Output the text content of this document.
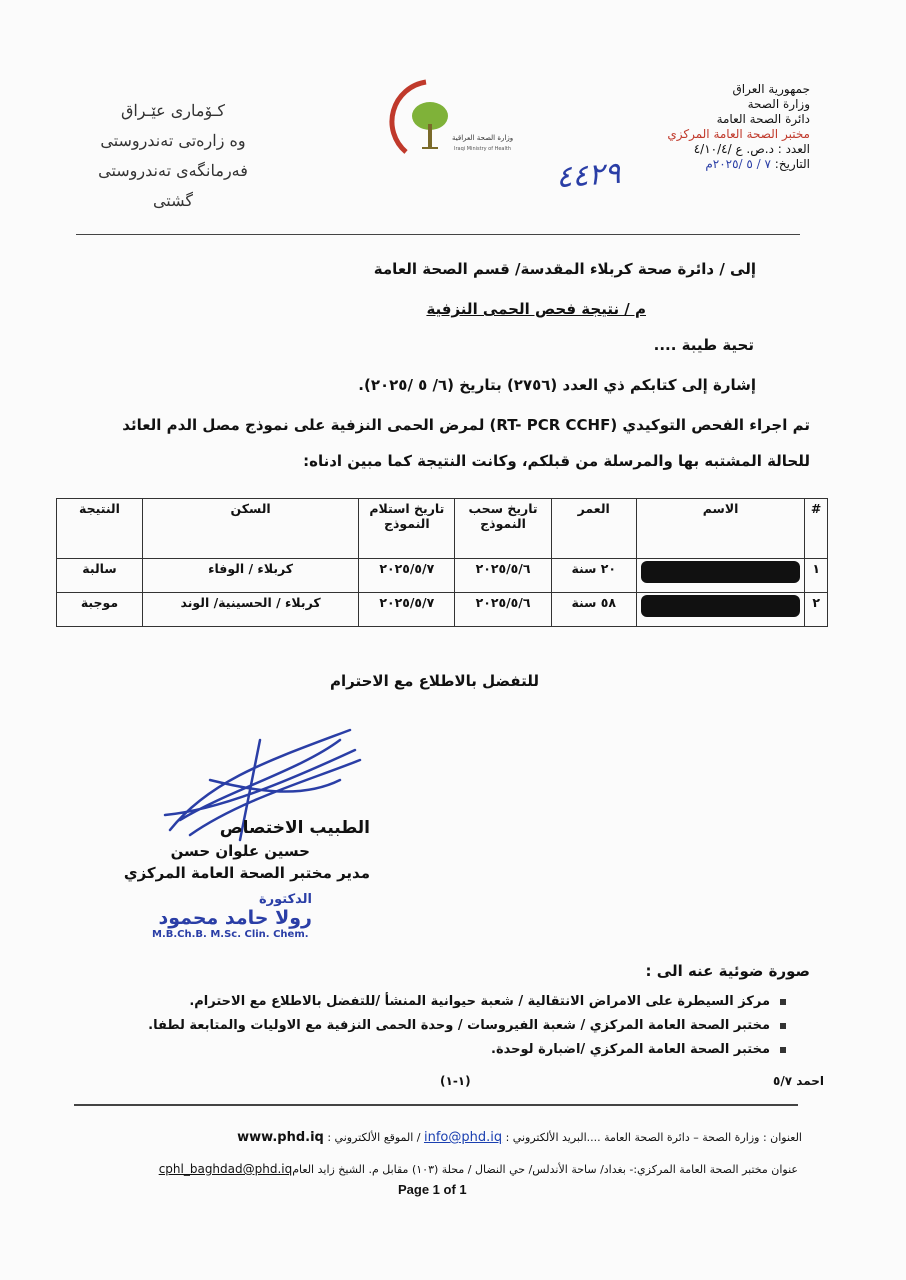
جمهورية العراق
وزارة الصحة
دائرة الصحة العامة
مختبر الصحة العامة المركزي
العدد : د.ص. ع /٤/١٠/٤
التاريخ: ٧ / ٥ /٢٠٢٥م
وزارة الصحة العراقية
Iraqi Ministry of Health
كـۆمارى عێـراق
وه زارەتى تەندروستى
فەرمانگەى تەندروستى گشتى
٤٤٢٩
إلى / دائرة صحة كربلاء المقدسة/ قسم الصحة العامة
م / نتيجة فحص الحمى النزفية
تحية طيبة ....
إشارة إلى كتابكم ذي العدد (٢٧٥٦) بتاريخ (٦/ ٥ /٢٠٢٥).
تم اجراء الفحص التوكيدي (RT- PCR CCHF) لمرض الحمى النزفية على نموذج مصل الدم العائد
للحالة المشتبه بها والمرسلة من قبلكم، وكانت النتيجة كما مبين ادناه:
#	الاسم	العمر	تاريخ سحب النموذج	تاريخ استلام النموذج	السكن	النتيجة
١		٢٠ سنة	٢٠٢٥/٥/٦	٢٠٢٥/٥/٧	كربلاء / الوفاء	سالبة
٢		٥٨ سنة	٢٠٢٥/٥/٦	٢٠٢٥/٥/٧	كربلاء / الحسينية/ الوند	موجبة
للتفضل بالاطلاع مع الاحترام
الطبيب الاختصاص
حسين علوان حسن
مدير مختبر الصحة العامة المركزي
الدكتورة
رولا حامد محمود
M.B.Ch.B. M.Sc. Clin. Chem.
صورة ضوئية عنه الى :
مركز السيطرة على الامراض الانتقالية / شعبة حيوانية المنشأ /للتفضل بالاطلاع مع الاحترام.
مختبر الصحة العامة المركزي / شعبة الفيروسات / وحدة الحمى النزفية مع الاوليات والمتابعة لطفا.
مختبر الصحة العامة المركزي /اضبارة لوحدة.
احمد ٥/٧
(١-١)
العنوان : وزارة الصحة – دائرة الصحة العامة ....البريد الألكتروني : info@phd.iq / الموقع الألكتروني : www.phd.iq
عنوان مختبر الصحة العامة المركزي:- بغداد/ ساحة الأندلس/ حي النضال / محلة (١٠٣) مقابل م. الشيخ زايد العامcphl_baghdad@phd.iq
Page 1 of 1
